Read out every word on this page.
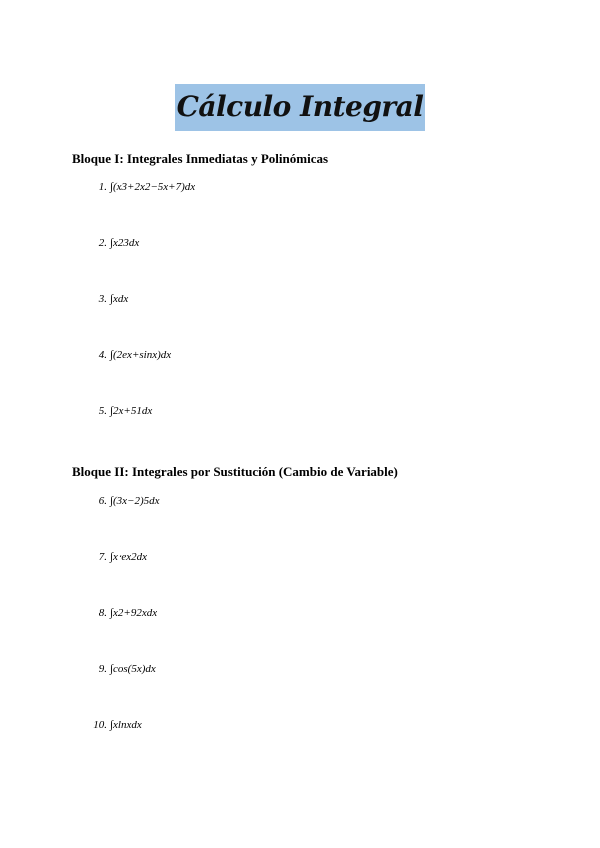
Cálculo Integral
Bloque I: Integrales Inmediatas y Polinómicas
1. ∫(x3+2x2−5x+7)dx
2. ∫x23dx
3. ∫xdx
4. ∫(2ex+sinx)dx
5. ∫2x+51dx
Bloque II: Integrales por Sustitución (Cambio de Variable)
6. ∫(3x−2)5dx
7. ∫x⋅ex2dx
8. ∫x2+92xdx
9. ∫cos(5x)dx
10. ∫xlnxdx
